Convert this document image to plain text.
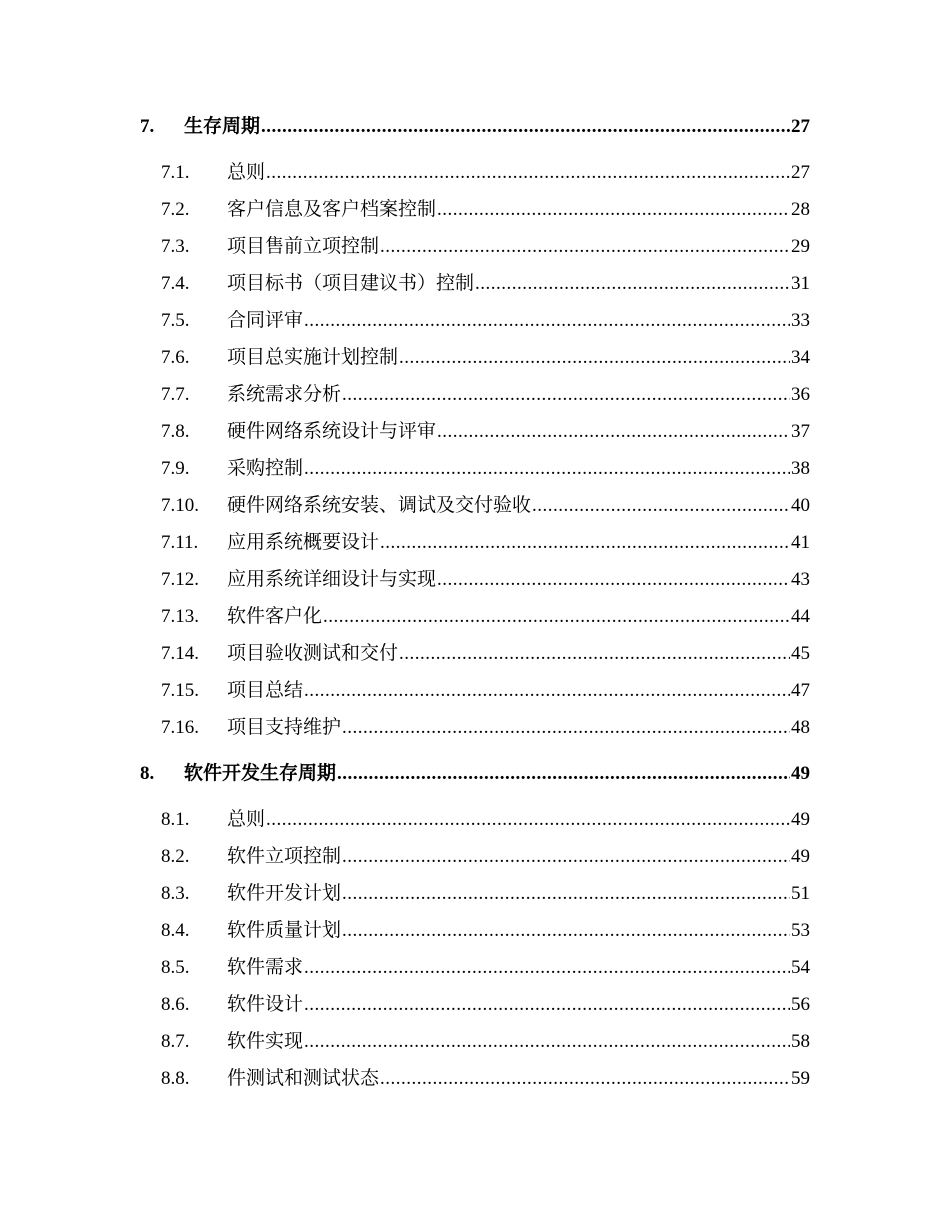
7.	生存周期 .....	27
7.1.	总则 .....	27
7.2.	客户信息及客户档案控制 .....	28
7.3.	项目售前立项控制 .....	29
7.4.	项目标书（项目建议书）控制 .....	31
7.5.	合同评审 .....	33
7.6.	项目总实施计划控制 .....	34
7.7.	系统需求分析 .....	36
7.8.	硬件网络系统设计与评审 .....	37
7.9.	采购控制 .....	38
7.10.	硬件网络系统安装、调试及交付验收 .....	40
7.11.	应用系统概要设计 .....	41
7.12.	应用系统详细设计与实现 .....	43
7.13.	软件客户化 .....	44
7.14.	项目验收测试和交付 .....	45
7.15.	项目总结 .....	47
7.16.	项目支持维护 .....	48
8.	软件开发生存周期 .....	49
8.1.	总则 .....	49
8.2.	软件立项控制 .....	49
8.3.	软件开发计划 .....	51
8.4.	软件质量计划 .....	53
8.5.	软件需求 .....	54
8.6.	软件设计 .....	56
8.7.	软件实现 .....	58
8.8.	件测试和测试状态 .....	59
